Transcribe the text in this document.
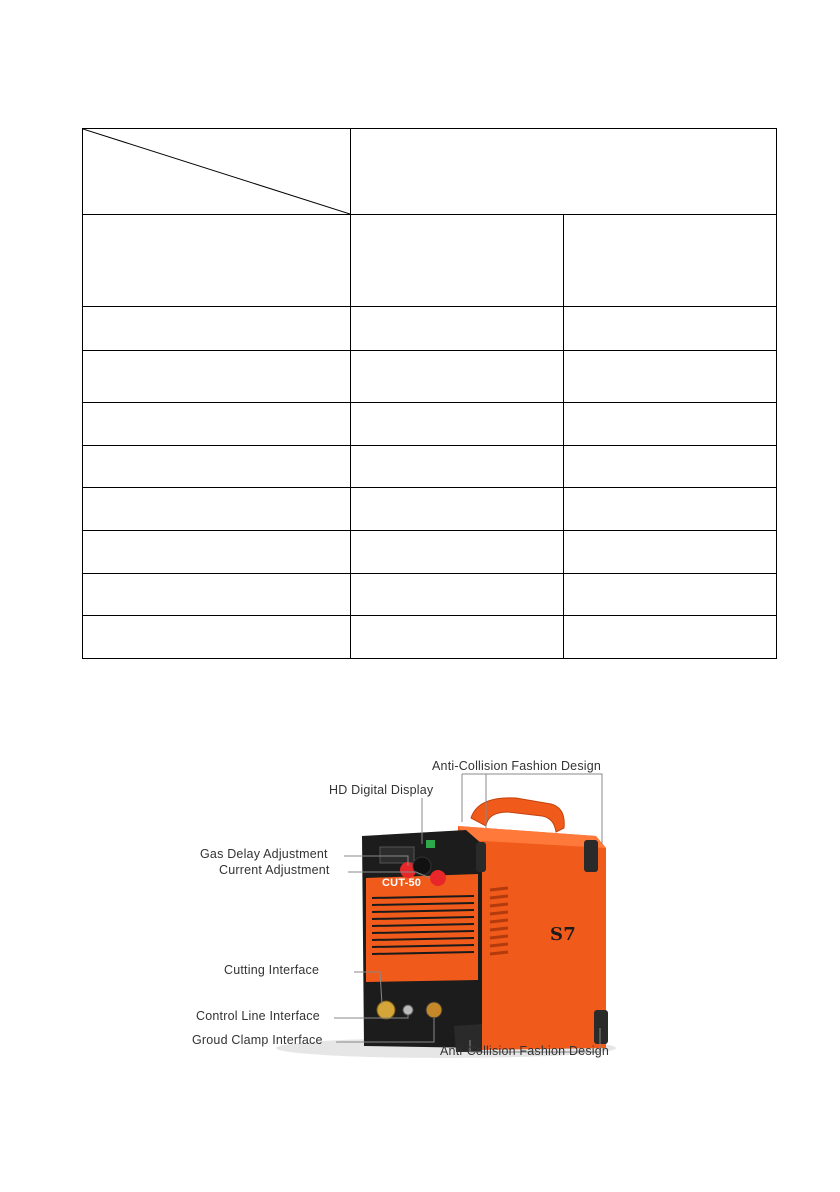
Anti-Collision Fashion Design
HD Digital Display
Gas Delay Adjustment
Current Adjustment
Cutting Interface
Control Line Interface
Groud Clamp Interface
Anti-Collision Fashion Design
CUT-50
S7
